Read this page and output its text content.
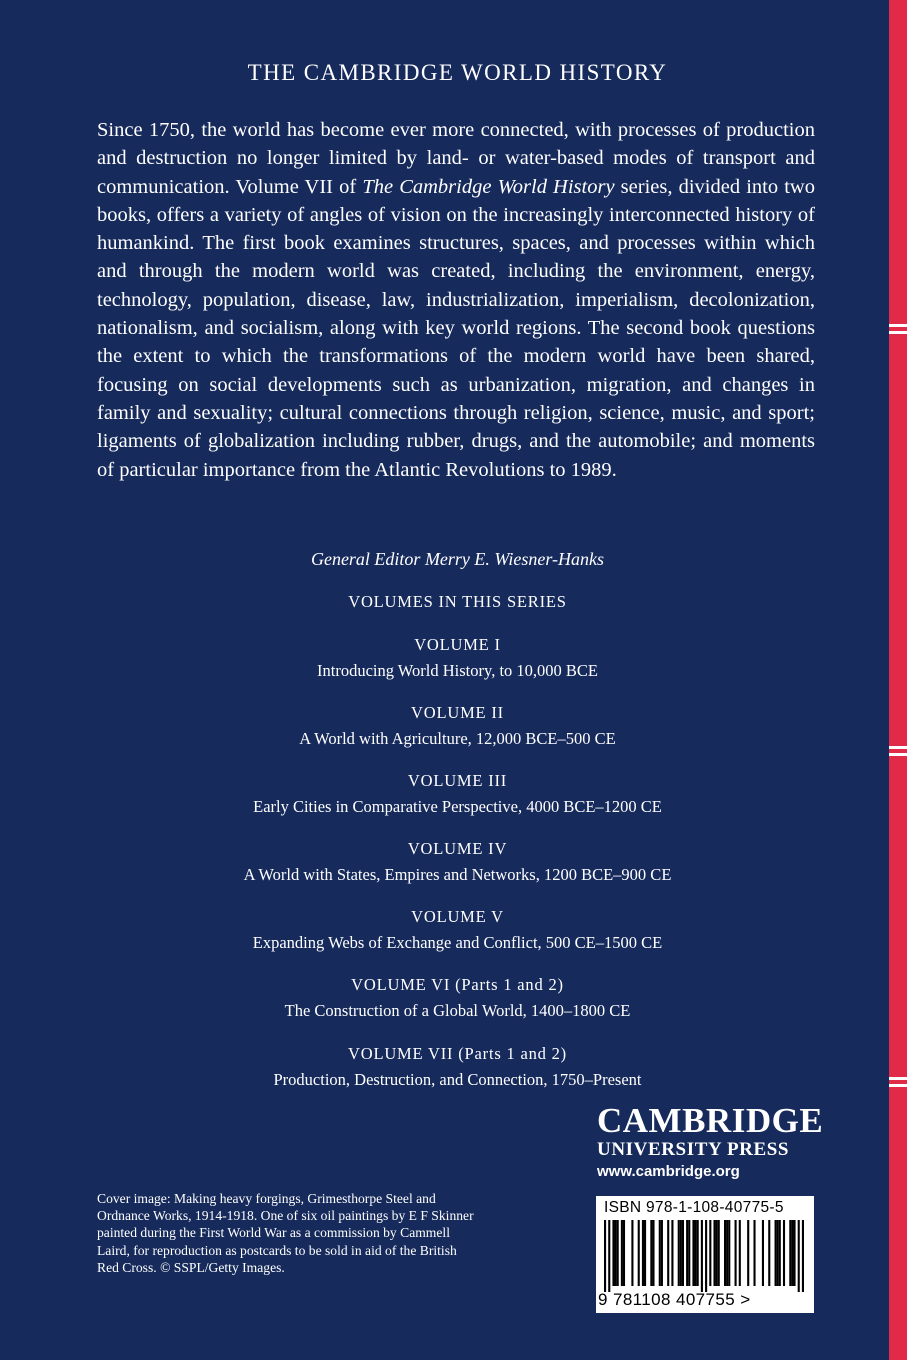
THE CAMBRIDGE WORLD HISTORY
Since 1750, the world has become ever more connected, with processes of production and destruction no longer limited by land- or water-based modes of transport and communication. Volume VII of The Cambridge World History series, divided into two books, offers a variety of angles of vision on the increasingly interconnected history of humankind. The first book examines structures, spaces, and processes within which and through the modern world was created, including the environment, energy, technology, population, disease, law, industrialization, imperialism, decolonization, nationalism, and socialism, along with key world regions. The second book questions the extent to which the transformations of the modern world have been shared, focusing on social developments such as urbanization, migration, and changes in family and sexuality; cultural connections through religion, science, music, and sport; ligaments of globalization including rubber, drugs, and the automobile; and moments of particular importance from the Atlantic Revolutions to 1989.
General Editor Merry E. Wiesner-Hanks
VOLUMES IN THIS SERIES
VOLUME I
Introducing World History, to 10,000 BCE
VOLUME II
A World with Agriculture, 12,000 BCE–500 CE
VOLUME III
Early Cities in Comparative Perspective, 4000 BCE–1200 CE
VOLUME IV
A World with States, Empires and Networks, 1200 BCE–900 CE
VOLUME V
Expanding Webs of Exchange and Conflict, 500 CE–1500 CE
VOLUME VI (Parts 1 and 2)
The Construction of a Global World, 1400–1800 CE
VOLUME VII (Parts 1 and 2)
Production, Destruction, and Connection, 1750–Present
CAMBRIDGE
UNIVERSITY PRESS
www.cambridge.org
Cover image: Making heavy forgings, Grimesthorpe Steel and Ordnance Works, 1914-1918. One of six oil paintings by E F Skinner painted during the First World War as a commission by Cammell Laird, for reproduction as postcards to be sold in aid of the British Red Cross. © SSPL/Getty Images.
ISBN 978-1-108-40775-5
9 781108 407755 >
